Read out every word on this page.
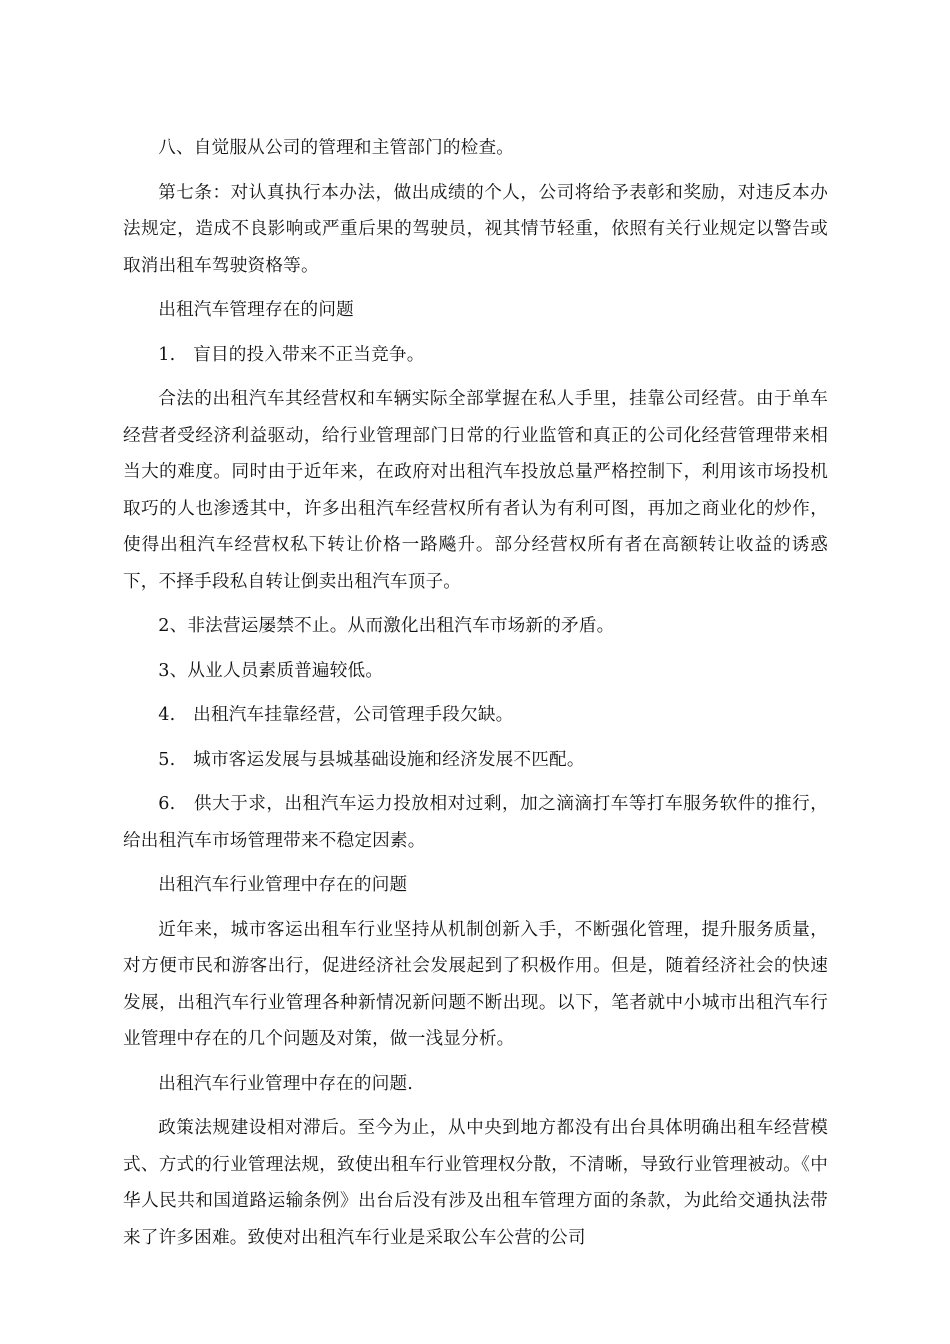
八、自觉服从公司的管理和主管部门的检查。

第七条：对认真执行本办法，做出成绩的个人，公司将给予表彰和奖励，对违反本办法规定，造成不良影响或严重后果的驾驶员，视其情节轻重，依照有关行业规定以警告或取消出租车驾驶资格等。

出租汽车管理存在的问题

1.　盲目的投入带来不正当竞争。

合法的出租汽车其经营权和车辆实际全部掌握在私人手里，挂靠公司经营。由于单车经营者受经济利益驱动，给行业管理部门日常的行业监管和真正的公司化经营管理带来相当大的难度。同时由于近年来，在政府对出租汽车投放总量严格控制下，利用该市场投机取巧的人也渗透其中，许多出租汽车经营权所有者认为有利可图，再加之商业化的炒作，使得出租汽车经营权私下转让价格一路飚升。部分经营权所有者在高额转让收益的诱惑下，不择手段私自转让倒卖出租汽车顶子。

2、非法营运屡禁不止。从而激化出租汽车市场新的矛盾。

3、从业人员素质普遍较低。

4.　出租汽车挂靠经营，公司管理手段欠缺。

5.　城市客运发展与县城基础设施和经济发展不匹配。

6.　供大于求，出租汽车运力投放相对过剩，加之滴滴打车等打车服务软件的推行，给出租汽车市场管理带来不稳定因素。

出租汽车行业管理中存在的问题

近年来，城市客运出租车行业坚持从机制创新入手，不断强化管理，提升服务质量，对方便市民和游客出行，促进经济社会发展起到了积极作用。但是，随着经济社会的快速发展，出租汽车行业管理各种新情况新问题不断出现。以下，笔者就中小城市出租汽车行业管理中存在的几个问题及对策，做一浅显分析。

出租汽车行业管理中存在的问题.

政策法规建设相对滞后。至今为止，从中央到地方都没有出台具体明确出租车经营模式、方式的行业管理法规，致使出租车行业管理权分散，不清晰，导致行业管理被动。《中华人民共和国道路运输条例》出台后没有涉及出租车管理方面的条款，为此给交通执法带来了许多困难。致使对出租汽车行业是采取公车公营的公司
